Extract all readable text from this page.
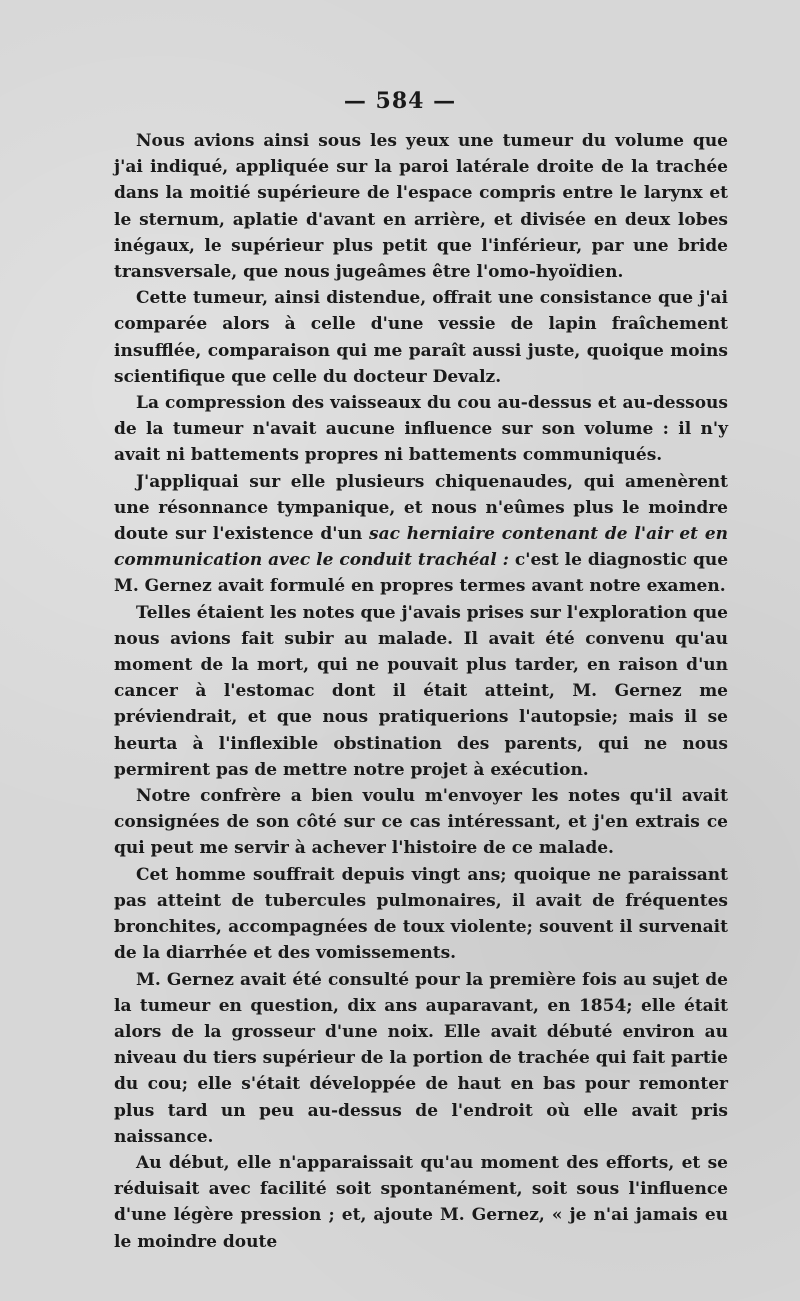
— 584 —

Nous avions ainsi sous les yeux une tumeur du volume que j'ai indiqué, appliquée sur la paroi latérale droite de la trachée dans la moitié supérieure de l'espace compris entre le larynx et le sternum, aplatie d'avant en arrière, et divisée en deux lobes inégaux, le supérieur plus petit que l'inférieur, par une bride transversale, que nous jugeâmes être l'omo-hyoïdien.

Cette tumeur, ainsi distendue, offrait une consistance que j'ai comparée alors à celle d'une vessie de lapin fraîchement insufflée, comparaison qui me paraît aussi juste, quoique moins scientifique que celle du docteur Devalz.

La compression des vaisseaux du cou au-dessus et au-dessous de la tumeur n'avait aucune influence sur son volume : il n'y avait ni battements propres ni battements communiqués.

J'appliquai sur elle plusieurs chiquenaudes, qui amenèrent une résonnance tympanique, et nous n'eûmes plus le moindre doute sur l'existence d'un sac herniaire contenant de l'air et en communication avec le conduit trachéal : c'est le diagnostic que M. Gernez avait formulé en propres termes avant notre examen.

Telles étaient les notes que j'avais prises sur l'exploration que nous avions fait subir au malade. Il avait été convenu qu'au moment de la mort, qui ne pouvait plus tarder, en raison d'un cancer à l'estomac dont il était atteint, M. Gernez me préviendrait, et que nous pratiquerions l'autopsie; mais il se heurta à l'inflexible obstination des parents, qui ne nous permirent pas de mettre notre projet à exécution.

Notre confrère a bien voulu m'envoyer les notes qu'il avait consignées de son côté sur ce cas intéressant, et j'en extrais ce qui peut me servir à achever l'histoire de ce malade.

Cet homme souffrait depuis vingt ans; quoique ne paraissant pas atteint de tubercules pulmonaires, il avait de fréquentes bronchites, accompagnées de toux violente; souvent il survenait de la diarrhée et des vomissements.

M. Gernez avait été consulté pour la première fois au sujet de la tumeur en question, dix ans auparavant, en 1854; elle était alors de la grosseur d'une noix. Elle avait débuté environ au niveau du tiers supérieur de la portion de trachée qui fait partie du cou; elle s'était développée de haut en bas pour remonter plus tard un peu au-dessus de l'endroit où elle avait pris naissance.

Au début, elle n'apparaissait qu'au moment des efforts, et se réduisait avec facilité soit spontanément, soit sous l'influence d'une légère pression ; et, ajoute M. Gernez, « je n'ai jamais eu le moindre doute
